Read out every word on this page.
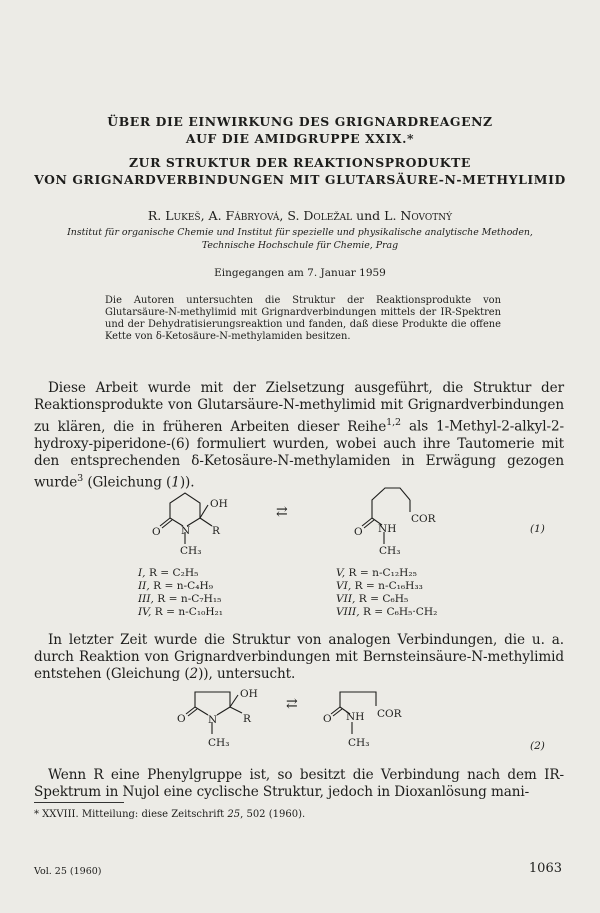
ÜBER DIE EINWIRKUNG DES GRIGNARDREAGENZ
AUF DIE AMIDGRUPPE XXIX.*
ZUR STRUKTUR DER REAKTIONSPRODUKTE
VON GRIGNARDVERBINDUNGEN MIT GLUTARSÄURE-N-METHYLIMID
R. Lukeš, A. Fábryová, S. Doležal und L. Novotný
Institut für organische Chemie und Institut für spezielle und physikalische analytische Methoden,
Technische Hochschule für Chemie, Prag
Eingegangen am 7. Januar 1959
Die Autoren untersuchten die Struktur der Reaktionsprodukte von Glutarsäure-N-methylimid mit Grignardverbindungen mittels der IR-Spektren und der Dehydratisierungsreaktion und fanden, daß diese Produkte die offene Kette von δ-Ketosäure-N-methylamiden besitzen.
Diese Arbeit wurde mit der Zielsetzung ausgeführt, die Struktur der Reaktionsprodukte von Glutarsäure-N-methylimid mit Grignardverbindungen zu klären, die in früheren Arbeiten dieser Reihe$^{1,2}$ als 1-Methyl-2-alkyl-2-hydroxy-piperidone-(6) formuliert wurden, wobei auch ihre Tautomerie mit den entsprechenden δ-Ketosäure-N-methylamiden in Erwägung gezogen wurde$^3$ (Gleichung (1)).
OH
O N R
CH₃
⇄
O NH
COR
CH₃
(1)
I, R = C₂H₅
II, R = n-C₄H₉
III, R = n-C₇H₁₅
IV, R = n-C₁₀H₂₁
V, R = n-C₁₂H₂₅
VI, R = n-C₁₆H₃₃
VII, R = C₆H₅
VIII, R = C₆H₅·CH₂
In letzter Zeit wurde die Struktur von analogen Verbindungen, die u. a. durch Reaktion von Grignardverbindungen mit Bernsteinsäure-N-methylimid entstehen (Gleichung (2)), untersucht.
OH
O N R
CH₃
⇄
O NH COR
CH₃	(2)
Wenn R eine Phenylgruppe ist, so besitzt die Verbindung nach dem IR-Spektrum in Nujol eine cyclische Struktur, jedoch in Dioxanlösung mani-
* XXVIII. Mitteilung: diese Zeitschrift 25, 502 (1960).
Vol. 25 (1960)	1063
